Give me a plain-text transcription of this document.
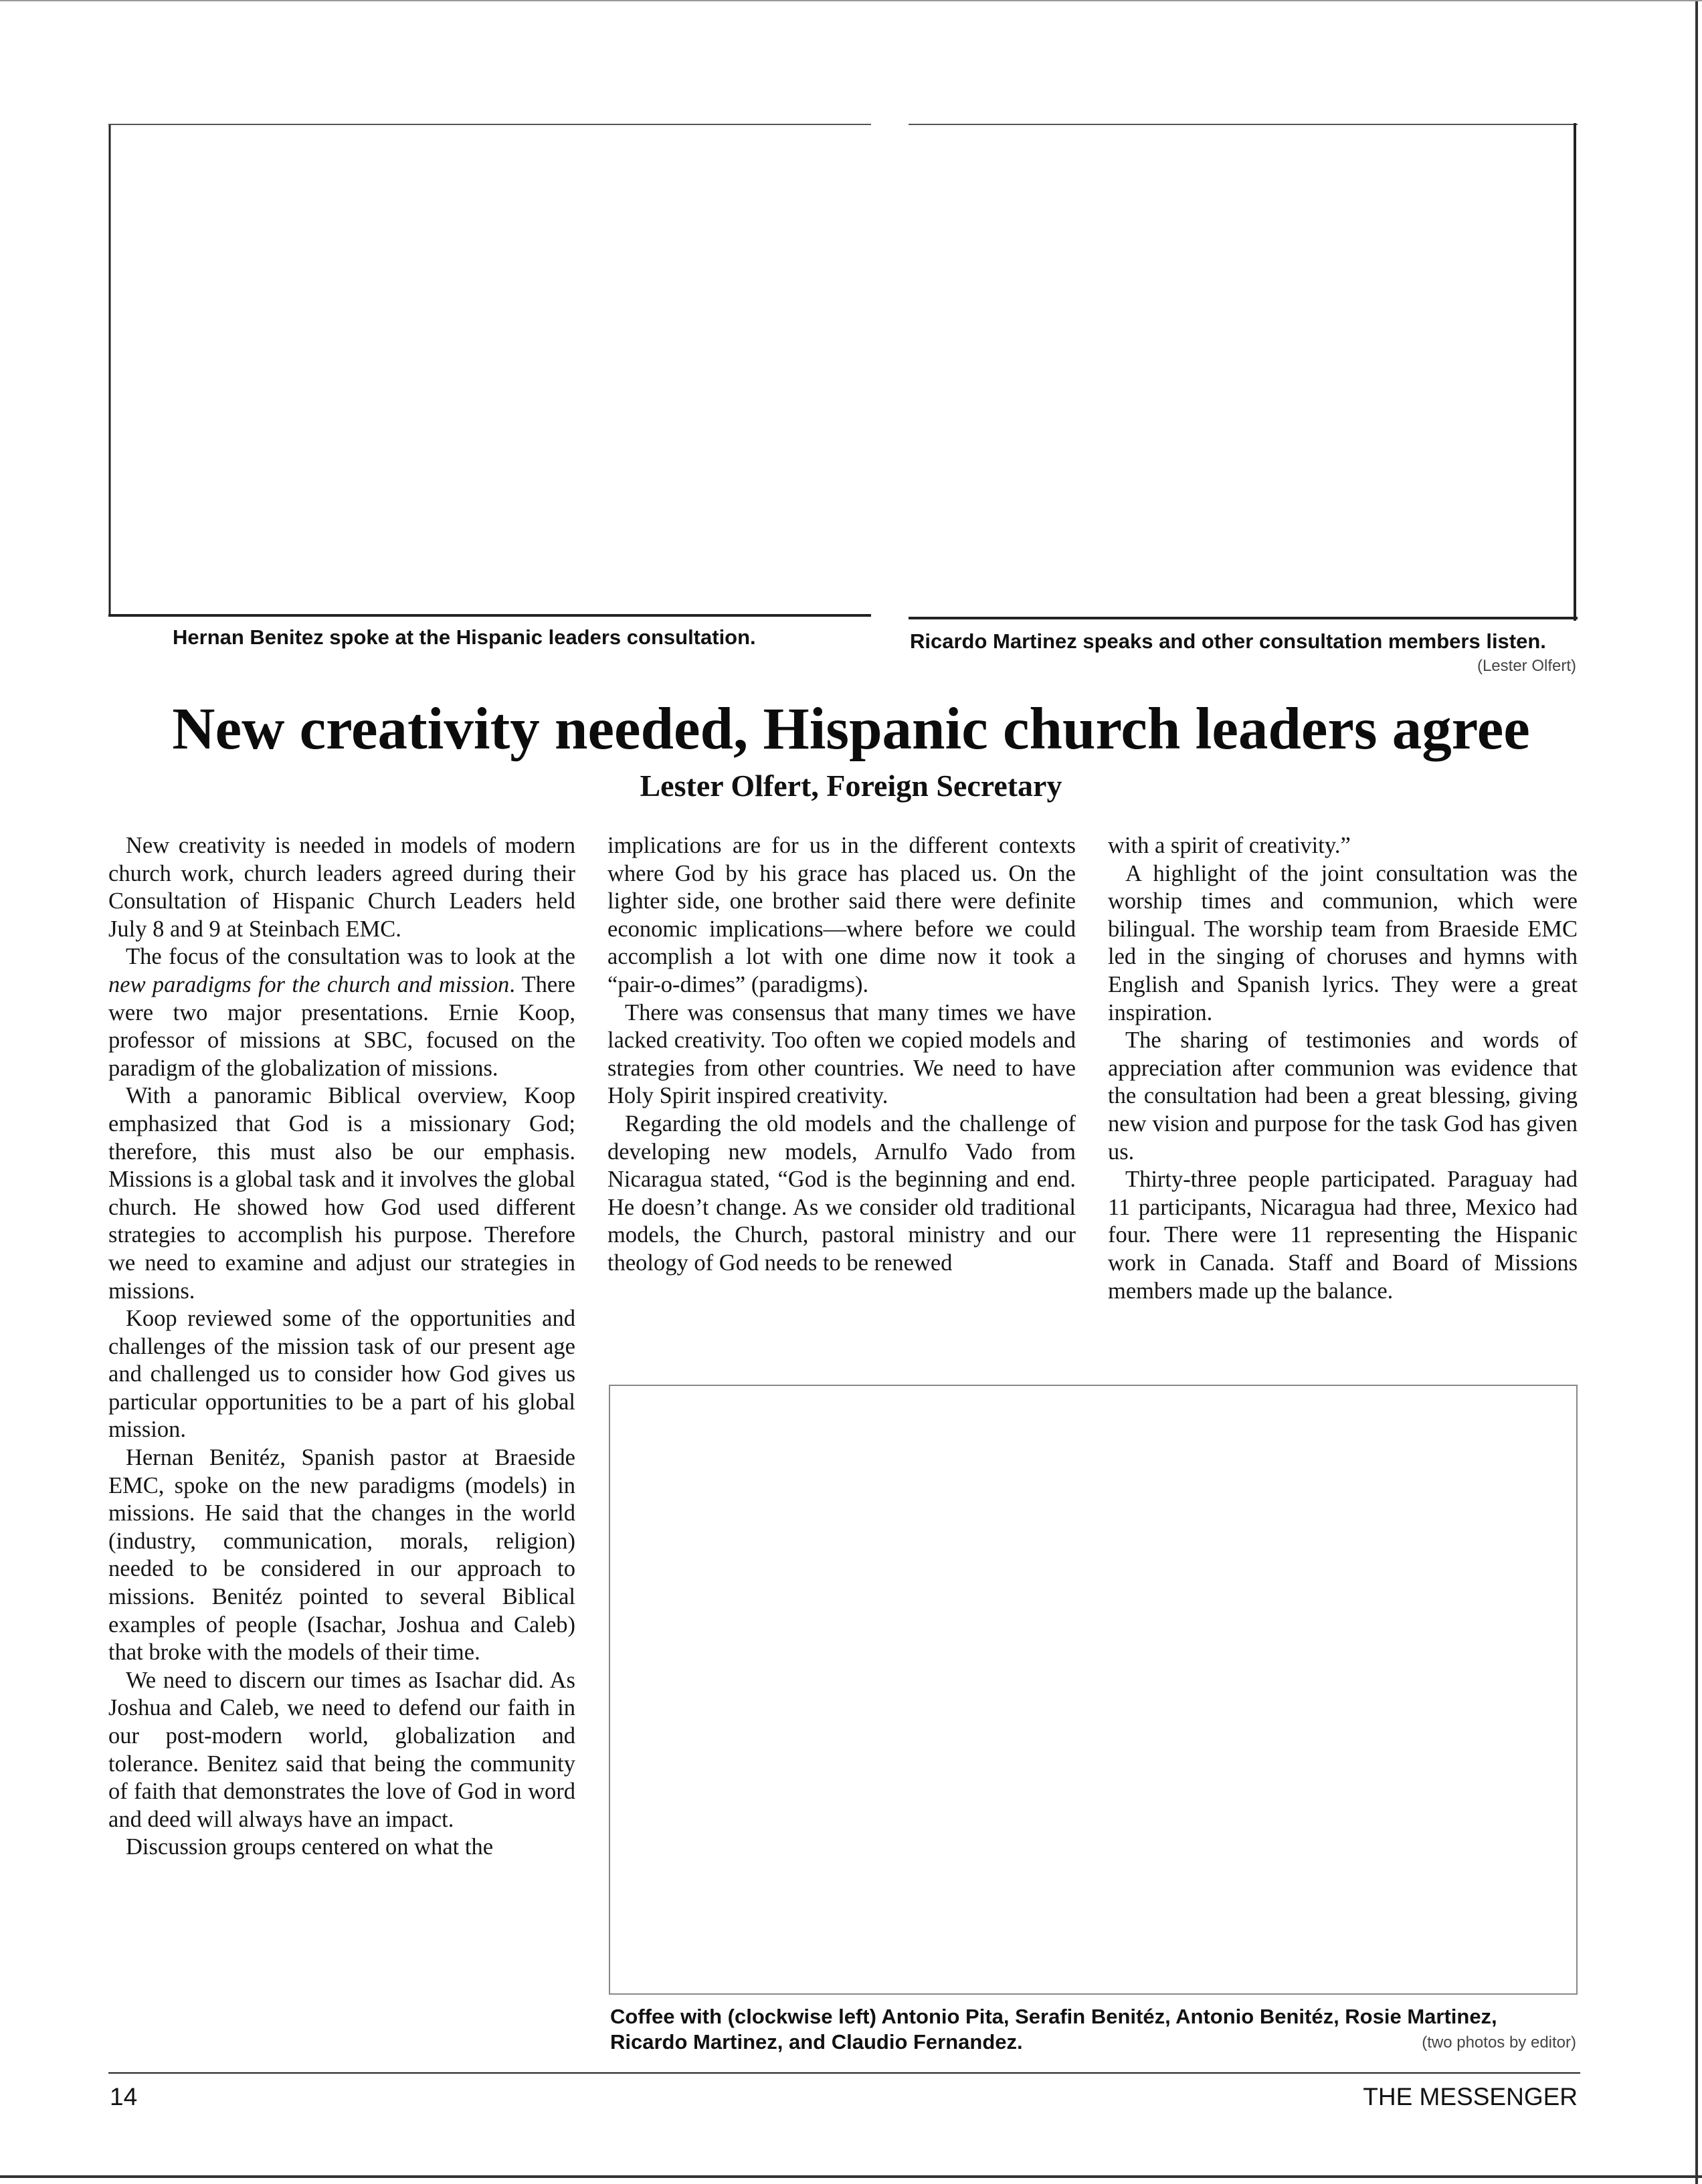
Hernan Benitez spoke at the Hispanic leaders consultation.	Ricardo Martinez speaks and other consultation members listen.
(Lester Olfert)
New creativity needed, Hispanic church leaders agree
Lester Olfert, Foreign Secretary

New creativity is needed in models of modern church work, church leaders agreed during their Consultation of Hispanic Church Leaders held July 8 and 9 at Steinbach EMC.

The focus of the consultation was to look at the new paradigms for the church and mission. There were two major presentations. Ernie Koop, professor of missions at SBC, focused on the paradigm of the globalization of missions.

With a panoramic Biblical overview, Koop emphasized that God is a missionary God; therefore, this must also be our emphasis. Missions is a global task and it involves the global church. He showed how God used different strategies to accomplish his purpose. Therefore we need to examine and adjust our strategies in missions.

Koop reviewed some of the opportunities and challenges of the mission task of our present age and challenged us to consider how God gives us particular opportunities to be a part of his global mission.

Hernan Benitéz, Spanish pastor at Braeside EMC, spoke on the new paradigms (models) in missions. He said that the changes in the world (industry, communication, morals, religion) needed to be considered in our approach to missions. Benitéz pointed to several Biblical examples of people (Isachar, Joshua and Caleb) that broke with the models of their time.

We need to discern our times as Isachar did. As Joshua and Caleb, we need to defend our faith in our post-modern world, globalization and tolerance. Benitez said that being the community of faith that demonstrates the love of God in word and deed will always have an impact.

Discussion groups centered on what the

implications are for us in the different contexts where God by his grace has placed us. On the lighter side, one brother said there were definite economic implications—where before we could accomplish a lot with one dime now it took a “pair-o-dimes” (paradigms).

There was consensus that many times we have lacked creativity. Too often we copied models and strategies from other countries. We need to have Holy Spirit inspired creativity.

Regarding the old models and the challenge of developing new models, Arnulfo Vado from Nicaragua stated, “God is the beginning and end. He doesn’t change. As we consider old traditional models, the Church, pastoral ministry and our theology of God needs to be renewed

with a spirit of creativity.”

A highlight of the joint consultation was the worship times and communion, which were bilingual. The worship team from Braeside EMC led in the singing of choruses and hymns with English and Spanish lyrics. They were a great inspiration.

The sharing of testimonies and words of appreciation after communion was evidence that the consultation had been a great blessing, giving new vision and purpose for the task God has given us.

Thirty-three people participated. Paraguay had 11 participants, Nicaragua had three, Mexico had four. There were 11 representing the Hispanic work in Canada. Staff and Board of Missions members made up the balance.

Coffee with (clockwise left) Antonio Pita, Serafin Benitéz, Antonio Benitéz, Rosie Martinez,
Ricardo Martinez, and Claudio Fernandez.	(two photos by editor)
14	THE MESSENGER
